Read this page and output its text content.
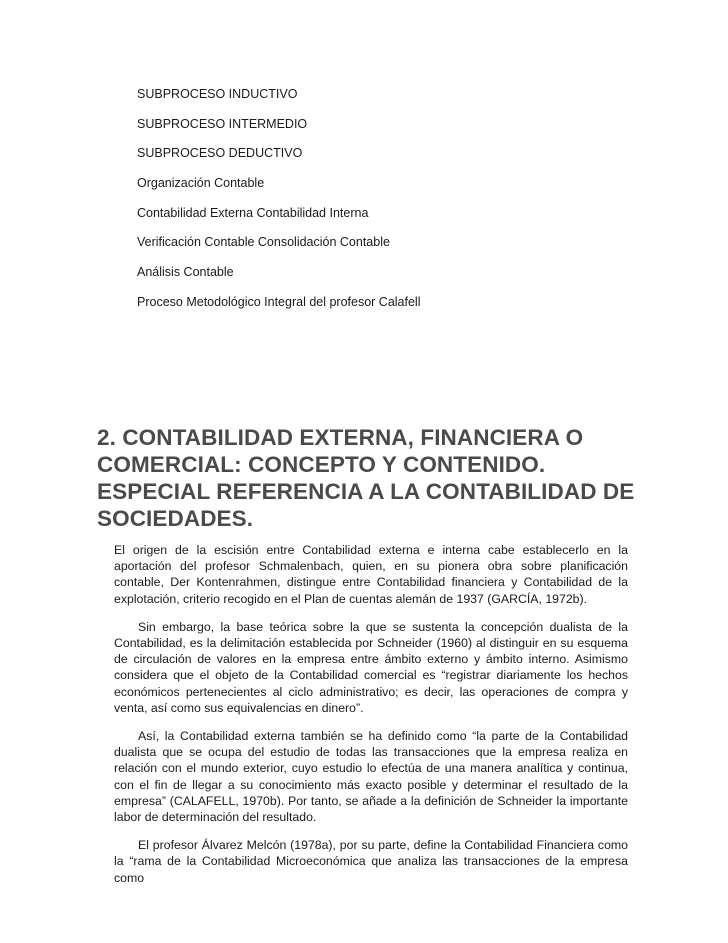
SUBPROCESO INDUCTIVO
SUBPROCESO INTERMEDIO
SUBPROCESO DEDUCTIVO
Organización Contable
Contabilidad Externa Contabilidad Interna
Verificación Contable Consolidación Contable
Análisis Contable
Proceso Metodológico Integral del profesor Calafell
2. CONTABILIDAD EXTERNA, FINANCIERA O COMERCIAL: CONCEPTO Y CONTENIDO. ESPECIAL REFERENCIA A LA CONTABILIDAD DE SOCIEDADES.

El origen de la escisión entre Contabilidad externa e interna cabe establecerlo en la aportación del profesor Schmalenbach, quien, en su pionera obra sobre planificación contable, Der Kontenrahmen, distingue entre Contabilidad financiera y Contabilidad de la explotación, criterio recogido en el Plan de cuentas alemán de 1937 (GARCÍA, 1972b).

Sin embargo, la base teórica sobre la que se sustenta la concepción dualista de la Contabilidad, es la delimitación establecida por Schneider (1960) al distinguir en su esquema de circulación de valores en la empresa entre ámbito externo y ámbito interno. Asimismo considera que el objeto de la Contabilidad comercial es “registrar diariamente los hechos económicos pertenecientes al ciclo administrativo; es decir, las operaciones de compra y venta, así como sus equivalencias en dinero”.

Así, la Contabilidad externa también se ha definido como “la parte de la Contabilidad dualista que se ocupa del estudio de todas las transacciones que la empresa realiza en relación con el mundo exterior, cuyo estudio lo efectúa de una manera analítica y continua, con el fin de llegar a su conocimiento más exacto posible y determinar el resultado de la empresa” (CALAFELL, 1970b). Por tanto, se añade a la definición de Schneider la importante labor de determinación del resultado.

El profesor Álvarez Melcón (1978a), por su parte, define la Contabilidad Financiera como la “rama de la Contabilidad Microeconómica que analiza las transacciones de la empresa como
